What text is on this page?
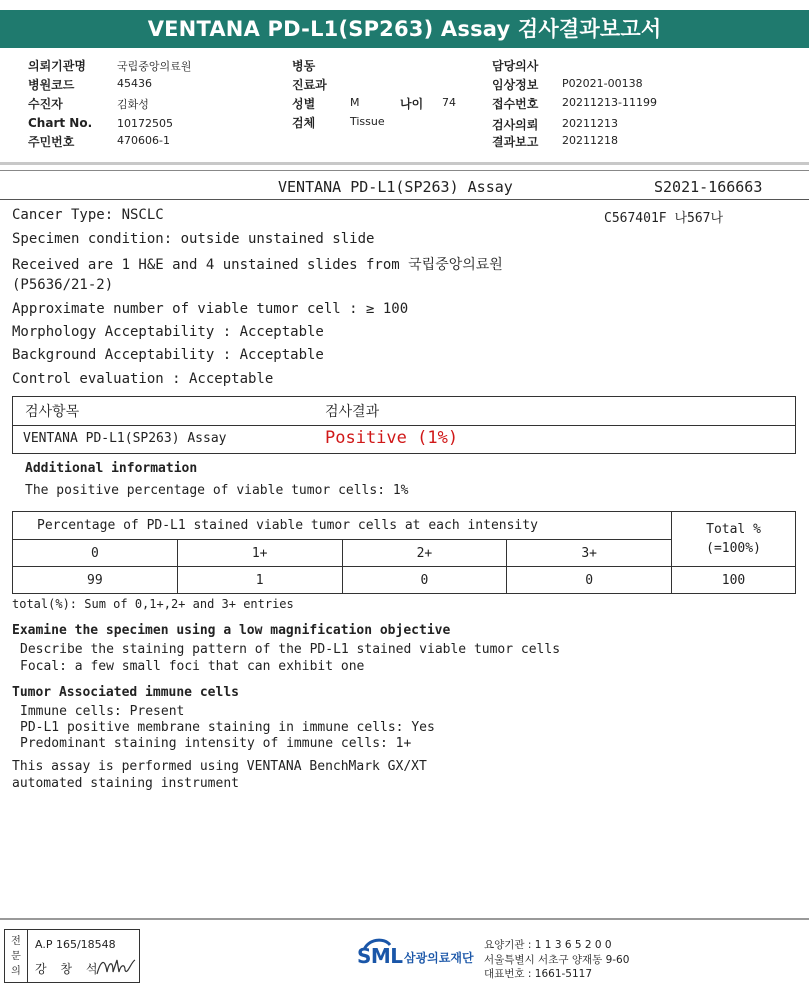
VENTANA PD-L1(SP263) Assay 검사결과보고서
의뢰기관명	국립중앙의료원
병원코드	45436
수진자	김화성
Chart No. 10172505
주민번호	470606-1
병동
진료과
성별	M	나이 74
검체	Tissue
담당의사
임상정보 P02021-00138
접수번호 20211213-11199
검사의뢰 20211213
결과보고 20211218
VENTANA PD-L1(SP263) Assay	S2021-166663
C567401F 나567나
Cancer Type: NSCLC
Specimen condition: outside unstained slide
Received are 1 H&E and 4 unstained slides from 국립중앙의료원
(P5636/21-2)
Approximate number of viable tumor cell : ≥ 100
Morphology Acceptability : Acceptable
Background Acceptability : Acceptable
Control evaluation : Acceptable
검사항목	검사결과
VENTANA PD-L1(SP263) Assay	Positive (1%)
Additional information
The positive percentage of viable tumor cells: 1%
Percentage of PD-L1 stained viable tumor cells at each intensity				Total %
(=100%)

0	1+	2+	3+	
99	1	0	0	100
total(%): Sum of 0,1+,2+ and 3+ entries
Examine the specimen using a low magnification objective
Describe the staining pattern of the PD-L1 stained viable tumor cells
Focal: a few small foci that can exhibit one
Tumor Associated immune cells
Immune cells: Present
PD-L1 positive membrane staining in immune cells: Yes
Predominant staining intensity of immune cells: 1+
This assay is performed using VENTANA BenchMark GX/XT
automated staining instrument
전
문
의
A.P 165/18548
강 창 석
SML 삼광의료재단
요양기관 : 1 1 3 6 5 2 0 0
서울특별시 서초구 양재동 9-60
대표번호 : 1661-5117
